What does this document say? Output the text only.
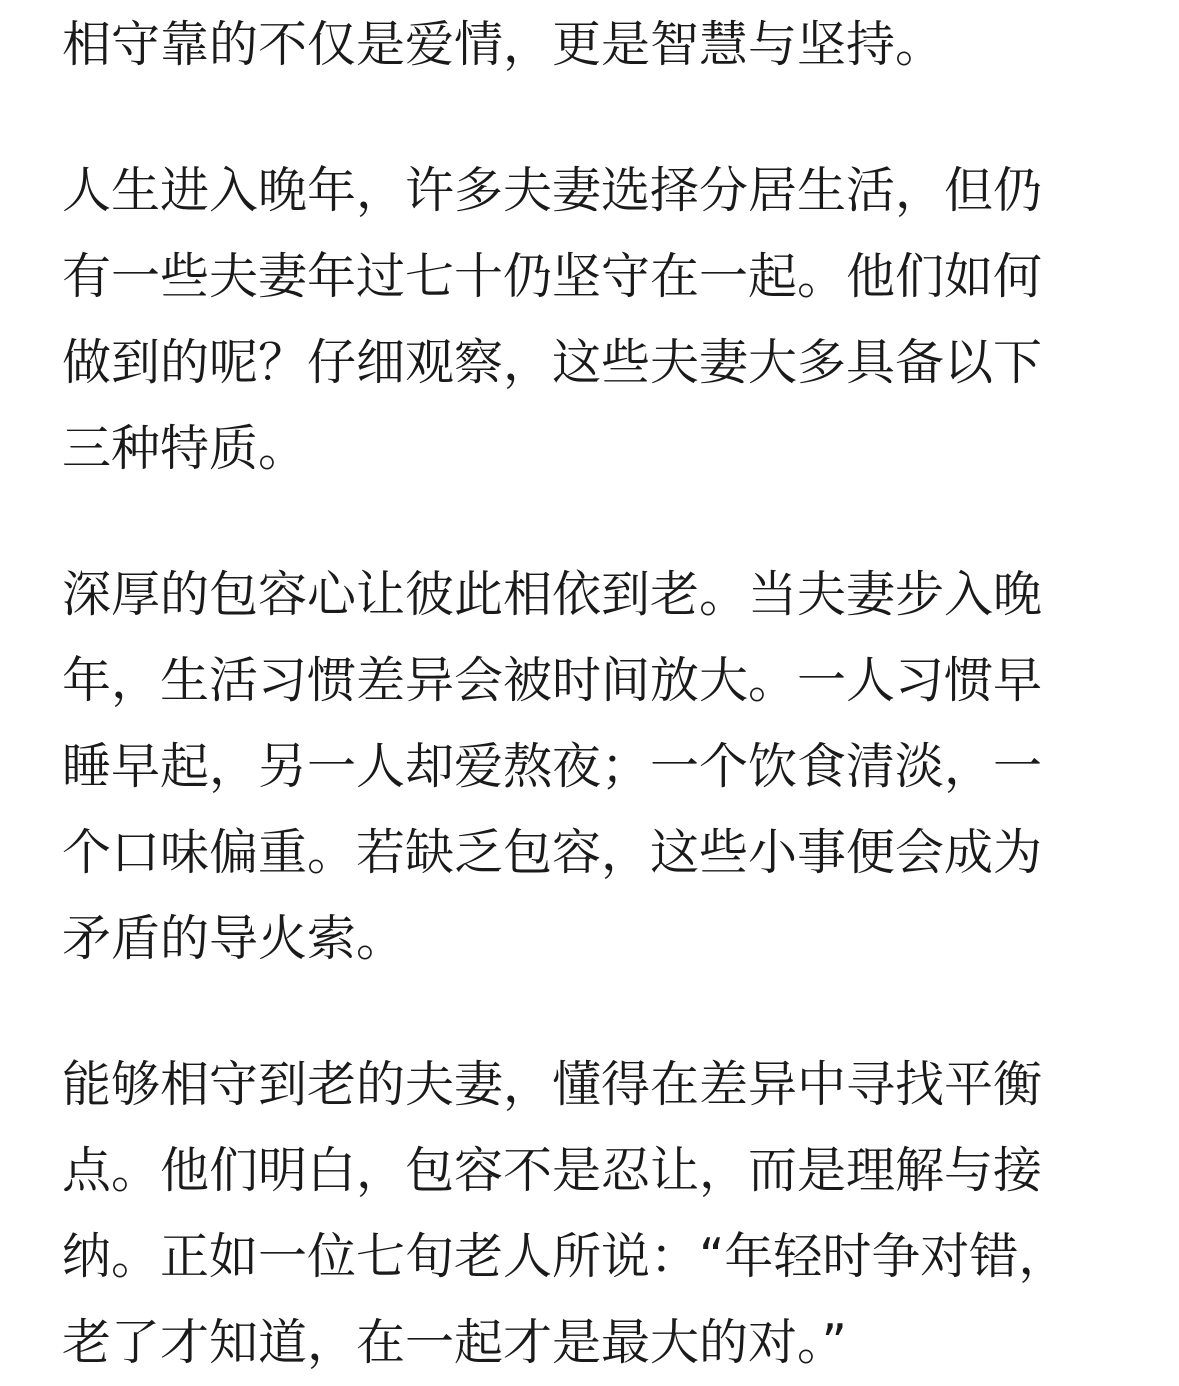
相守靠的不仅是爱情，更是智慧与坚持。
人生进入晚年，许多夫妻选择分居生活，但仍
有一些夫妻年过七十仍坚守在一起。他们如何
做到的呢？仔细观察，这些夫妻大多具备以下
三种特质。
深厚的包容心让彼此相依到老。当夫妻步入晚
年，生活习惯差异会被时间放大。一人习惯早
睡早起，另一人却爱熬夜；一个饮食清淡，一
个口味偏重。若缺乏包容，这些小事便会成为
矛盾的导火索。
能够相守到老的夫妻，懂得在差异中寻找平衡
点。他们明白，包容不是忍让，而是理解与接
纳。正如一位七旬老人所说：“年轻时争对错，
老了才知道，在一起才是最大的对。”
